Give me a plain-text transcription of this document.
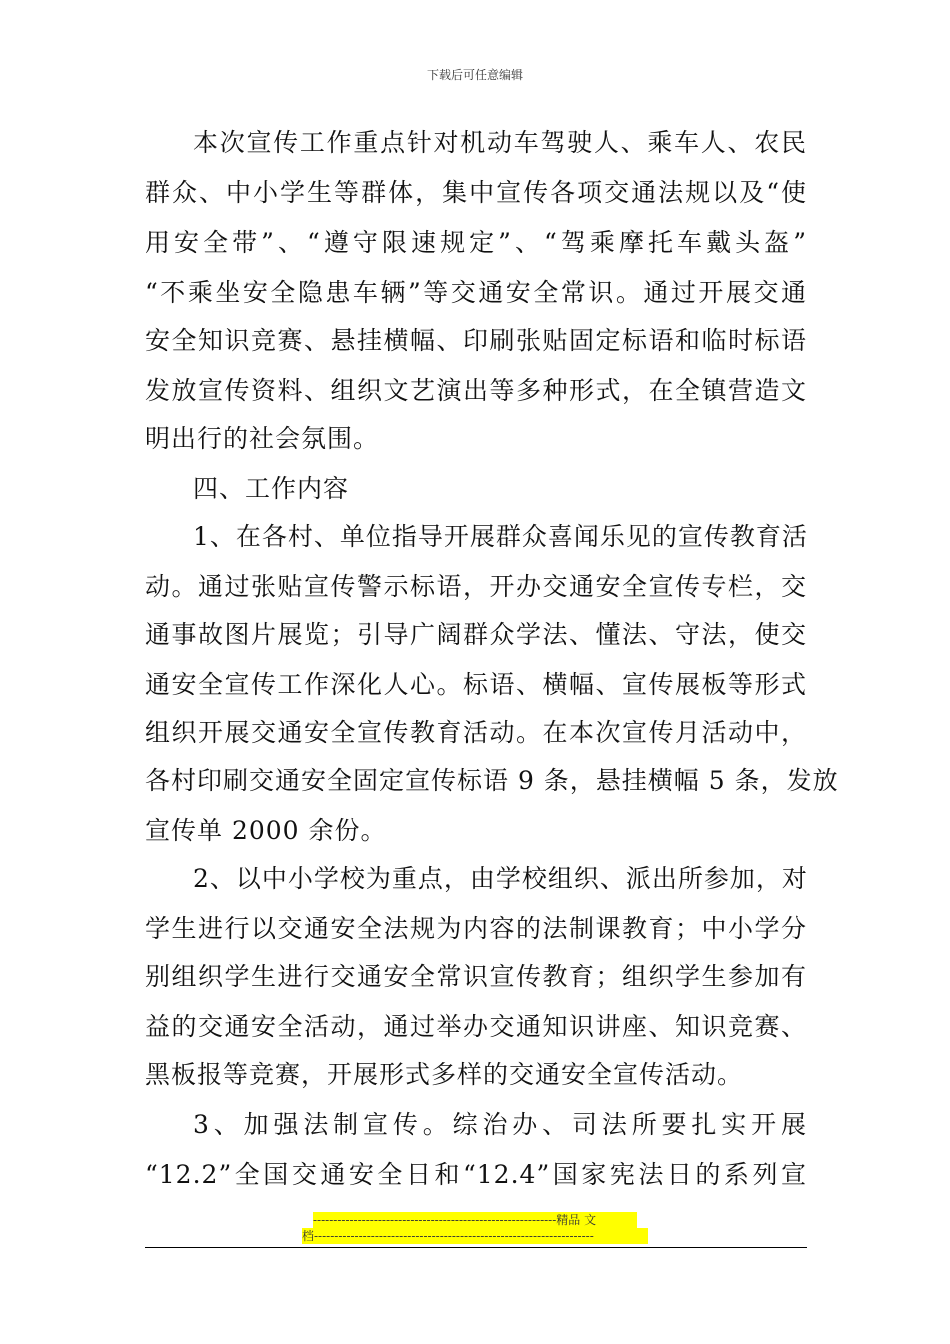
下载后可任意编辑
本次宣传工作重点针对机动车驾驶人、乘车人、农民
群众、中小学生等群体，集中宣传各项交通法规以及“使
用安全带”、“遵守限速规定”、“驾乘摩托车戴头盔”
“不乘坐安全隐患车辆”等交通安全常识。通过开展交通
安全知识竞赛、悬挂横幅、印刷张贴固定标语和临时标语
发放宣传资料、组织文艺演出等多种形式，在全镇营造文
明出行的社会氛围。
四、工作内容
1、在各村、单位指导开展群众喜闻乐见的宣传教育活
动。通过张贴宣传警示标语，开办交通安全宣传专栏，交
通事故图片展览；引导广阔群众学法、懂法、守法，使交
通安全宣传工作深化人心。标语、横幅、宣传展板等形式
组织开展交通安全宣传教育活动。在本次宣传月活动中，
各村印刷交通安全固定宣传标语 9 条，悬挂横幅 5 条，发放
宣传单 2000 余份。
2、以中小学校为重点，由学校组织、派出所参加，对
学生进行以交通安全法规为内容的法制课教育；中小学分
别组织学生进行交通安全常识宣传教育；组织学生参加有
益的交通安全活动，通过举办交通知识讲座、知识竞赛、
黑板报等竞赛，开展形式多样的交通安全宣传活动。
3、加强法制宣传。综治办、司法所要扎实开展
“12.2”全国交通安全日和“12.4”国家宪法日的系列宣
------------------------------------------------------------精品 文
档---------------------------------------------------------------------
